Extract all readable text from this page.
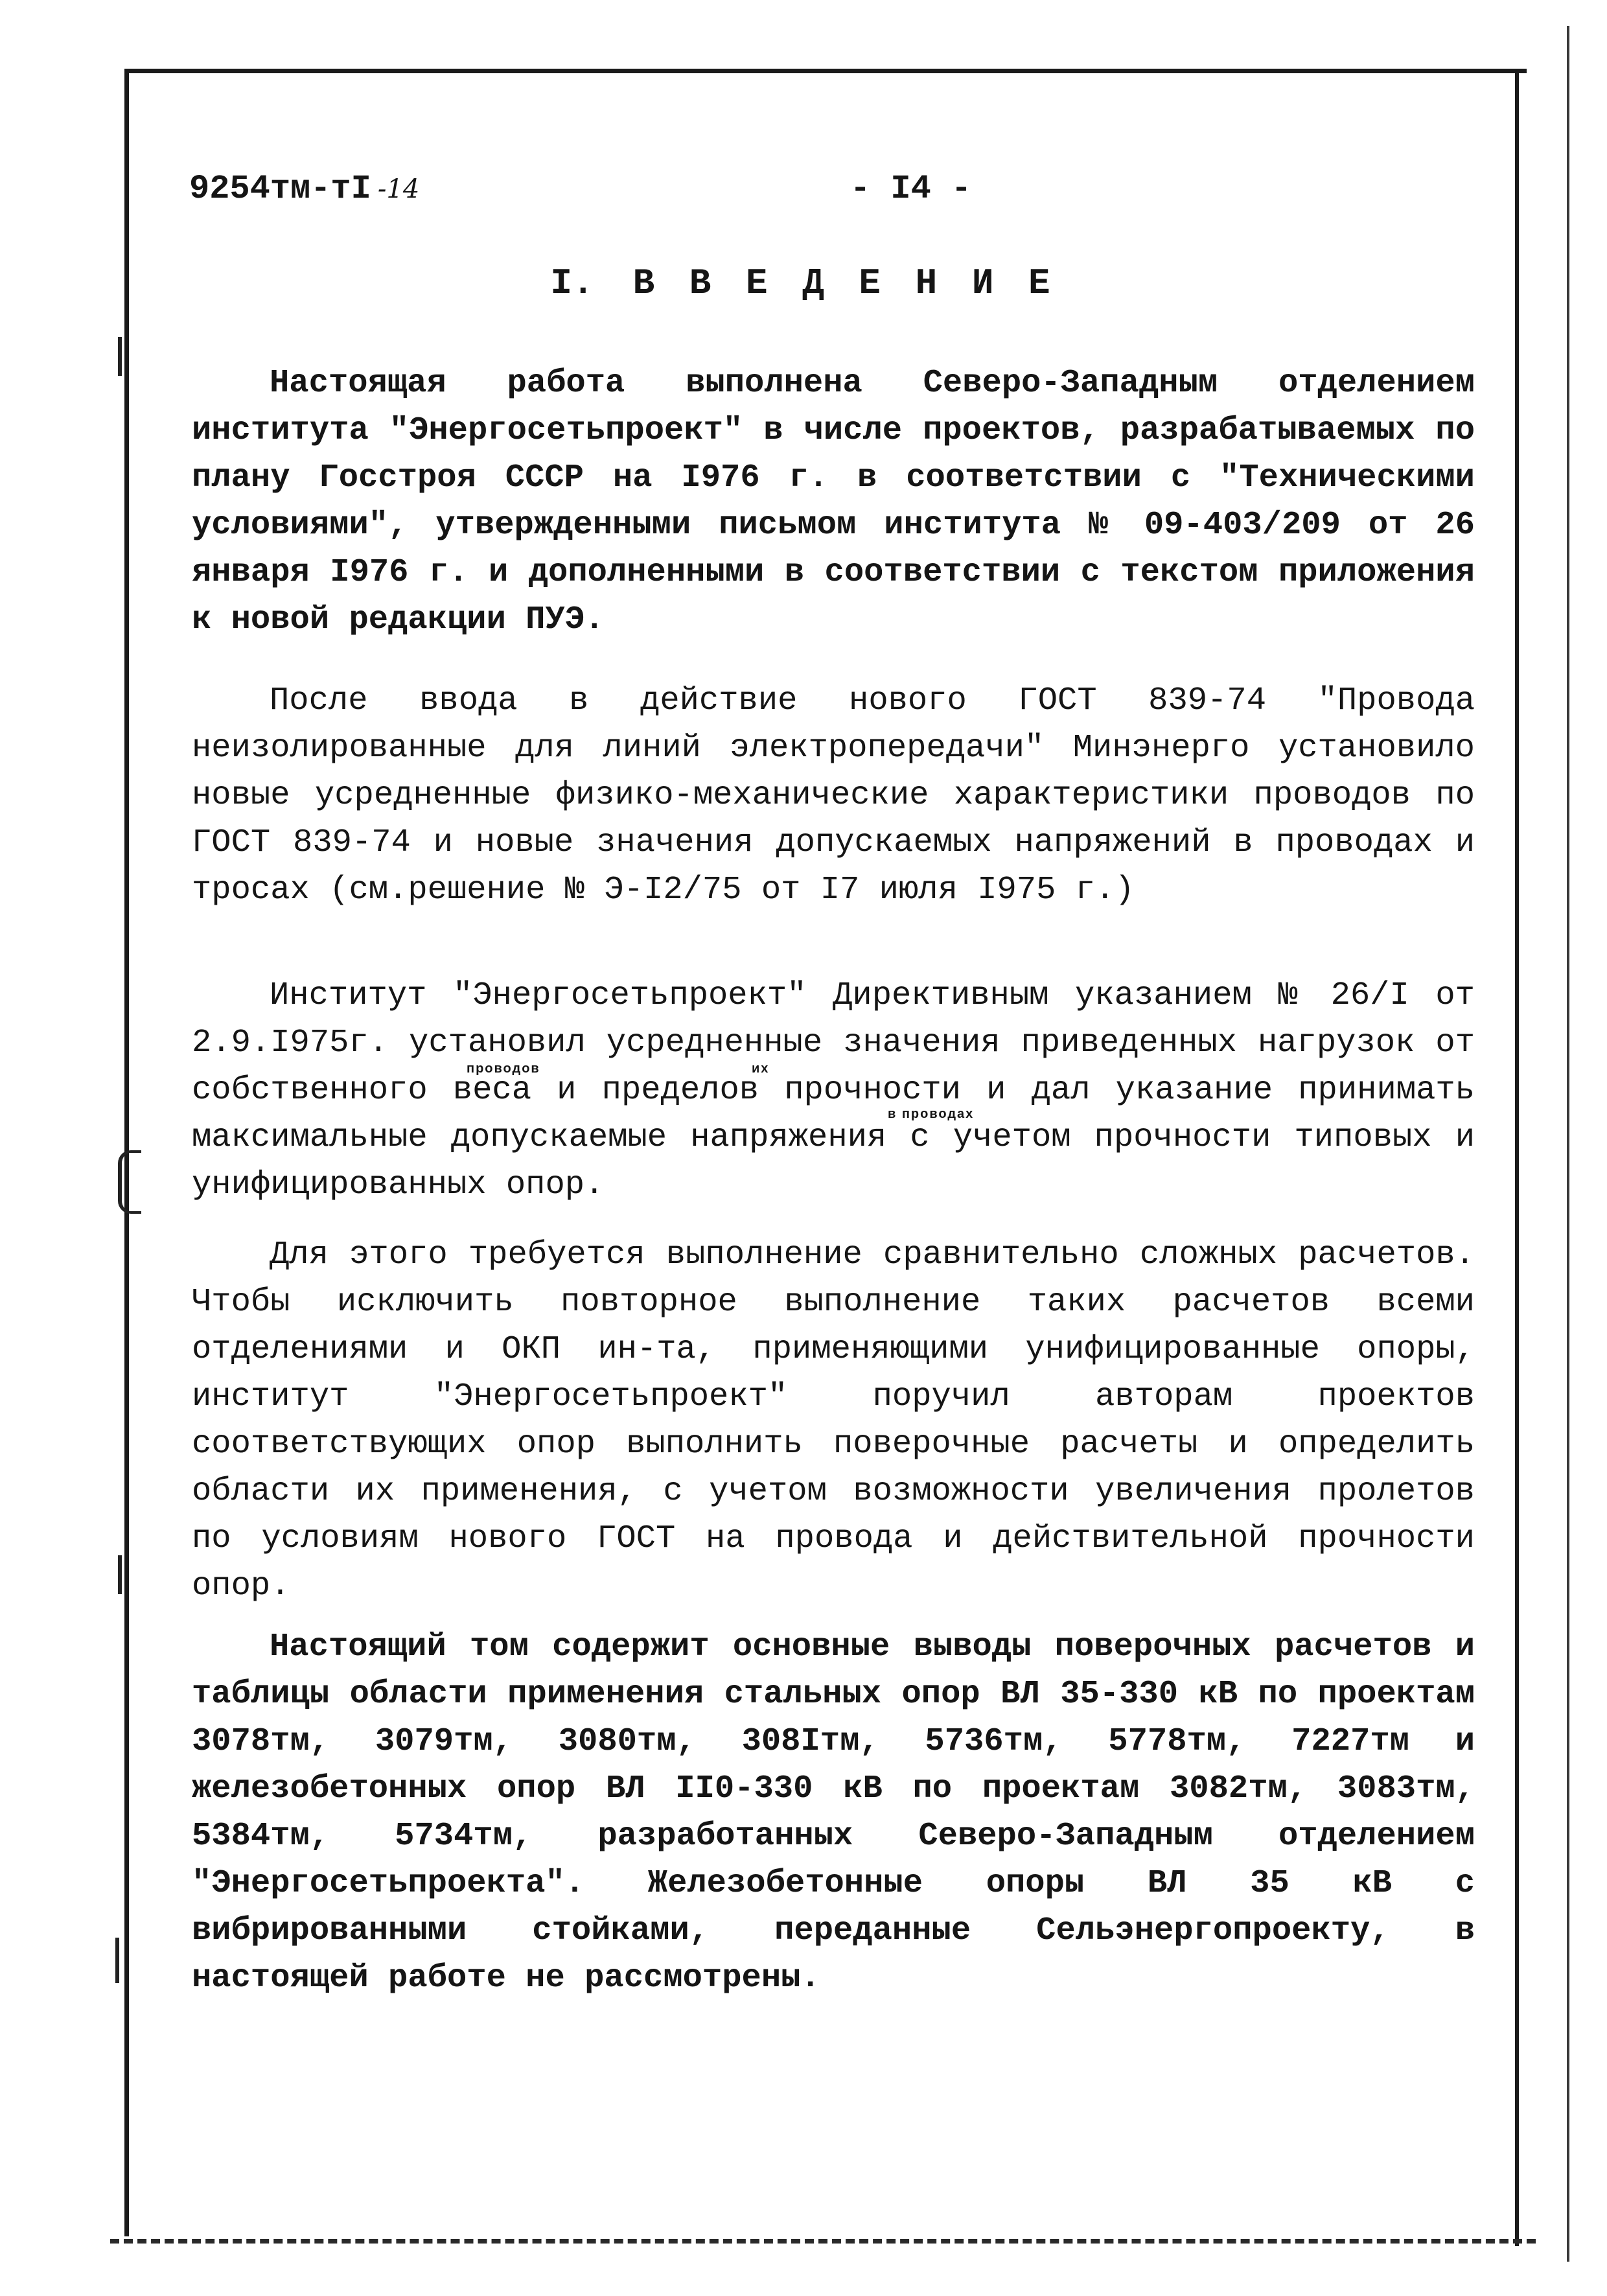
9254тм-тI -14	- I4 -
I. В В Е Д Е Н И Е
Настоящая работа выполнена Северо-Западным отделением института "Энергосетьпроект" в числе проектов, разрабатываемых по плану Госстроя СССР на I976 г. в соответствии с "Техническими условиями", утвержденными письмом института № 09-403/209 от 26 января I976 г. и дополненными в соответствии с текстом приложения к новой редакции ПУЭ.
После ввода в действие нового ГОСТ 839-74 "Провода неизолированные для линий электропередачи" Минэнерго установило новые усредненные физико-механические характеристики проводов по ГОСТ 839-74 и новые значения допускаемых напряжений в проводах и тросах (см.решение № Э-I2/75 от I7 июля I975 г.)
Институт "Энергосетьпроект" Директивным указанием № 26/I от 2.9.I975г. установил усредненные значения приведенных нагрузок от собственного веса и пределов прочности и дал указание принимать максимальные допускаемые напряжения с учетом прочности типовых и унифицированных опор.
Для этого требуется выполнение сравнительно сложных расчетов. Чтобы исключить повторное выполнение таких расчетов всеми отделениями и ОКП ин-та, применяющими унифицированные опоры, институт "Энергосетьпроект" поручил авторам проектов соответствующих опор выполнить поверочные расчеты и определить области их применения, с учетом возможности увеличения пролетов по условиям нового ГОСТ на провода и действительной прочности опор.
Настоящий том содержит основные выводы поверочных расчетов и таблицы области применения стальных опор ВЛ 35-330 кВ по проектам 3078тм, 3079тм, 3080тм, 308Iтм, 5736тм, 5778тм, 7227тм и железобетонных опор ВЛ II0-330 кВ по проектам 3082тм, 3083тм, 5384тм, 5734тм, разработанных Северо-Западным отделением "Энергосетьпроекта". Железобетонные опоры ВЛ 35 кВ с вибрированными стойками, переданные Сельэнергопроекту, в настоящей работе не рассмотрены.
проводов	их
в проводах
